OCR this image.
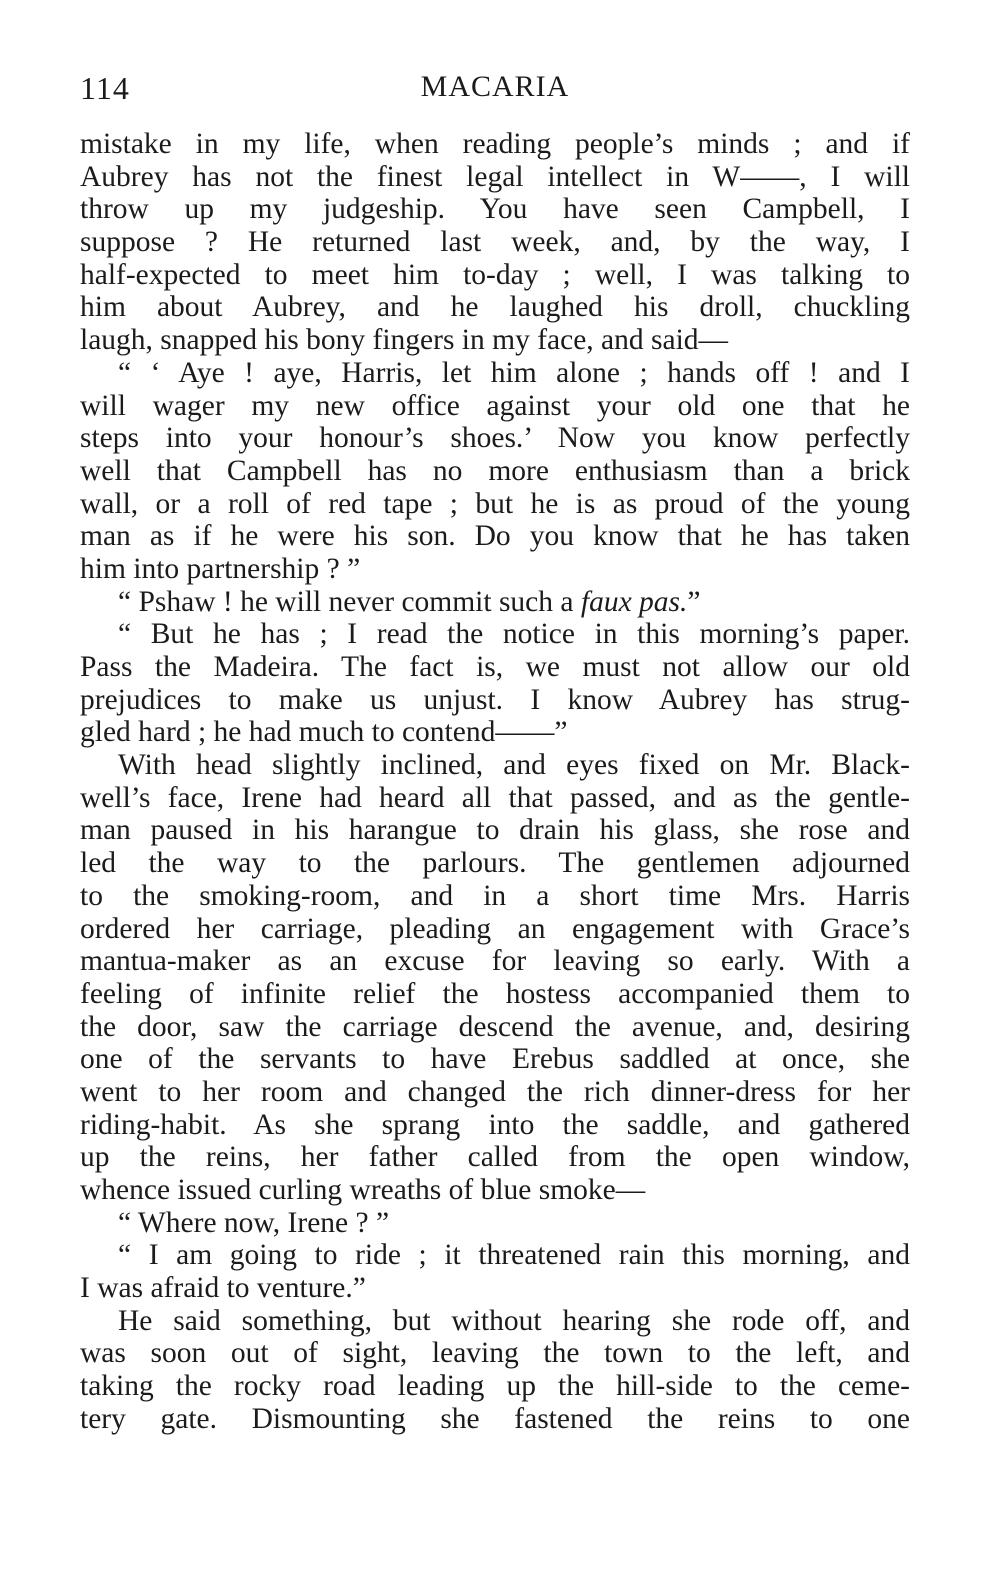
114	MACARIA
mistake in my life, when reading people’s minds ; and if
Aubrey has not the finest legal intellect in W——, I will
throw up my judgeship. You have seen Campbell, I
suppose ? He returned last week, and, by the way, I
half-expected to meet him to-day ; well, I was talking to
him about Aubrey, and he laughed his droll, chuckling
laugh, snapped his bony fingers in my face, and said—
“ ‘ Aye ! aye, Harris, let him alone ; hands off ! and I
will wager my new office against your old one that he
steps into your honour’s shoes.’ Now you know perfectly
well that Campbell has no more enthusiasm than a brick
wall, or a roll of red tape ; but he is as proud of the young
man as if he were his son. Do you know that he has taken
him into partnership ? ”
“ Pshaw ! he will never commit such a faux pas.”
“ But he has ; I read the notice in this morning’s paper.
Pass the Madeira. The fact is, we must not allow our old
prejudices to make us unjust. I know Aubrey has strug-
gled hard ; he had much to contend——”
With head slightly inclined, and eyes fixed on Mr. Black-
well’s face, Irene had heard all that passed, and as the gentle-
man paused in his harangue to drain his glass, she rose and
led the way to the parlours. The gentlemen adjourned
to the smoking-room, and in a short time Mrs. Harris
ordered her carriage, pleading an engagement with Grace’s
mantua-maker as an excuse for leaving so early. With a
feeling of infinite relief the hostess accompanied them to
the door, saw the carriage descend the avenue, and, desiring
one of the servants to have Erebus saddled at once, she
went to her room and changed the rich dinner-dress for her
riding-habit. As she sprang into the saddle, and gathered
up the reins, her father called from the open window,
whence issued curling wreaths of blue smoke—
“ Where now, Irene ? ”
“ I am going to ride ; it threatened rain this morning, and
I was afraid to venture.”
He said something, but without hearing she rode off, and
was soon out of sight, leaving the town to the left, and
taking the rocky road leading up the hill-side to the ceme-
tery gate. Dismounting she fastened the reins to one
